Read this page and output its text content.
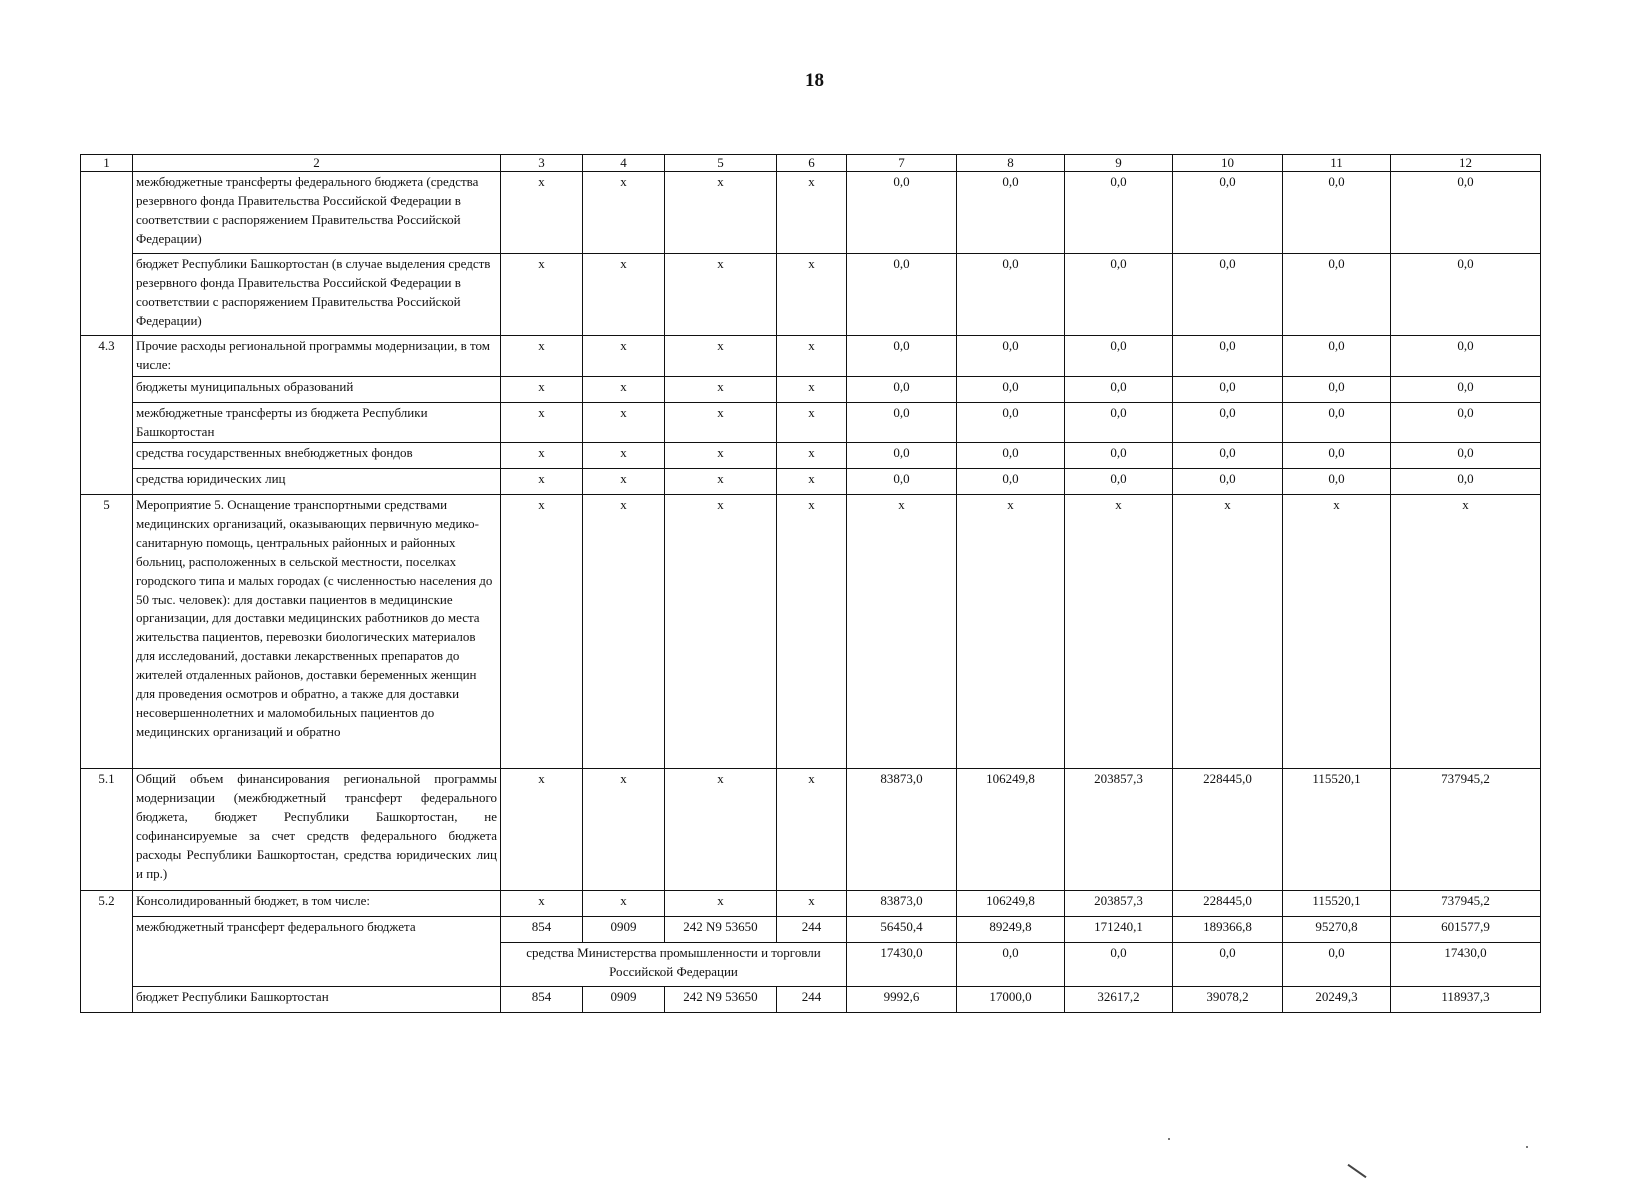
18
1	2	3	4	5	6	7	8	9	10	11	12
	межбюджетные трансферты федерального бюджета (средства резервного фонда Правительства Российской Федерации в соответствии с распоряжением Правительства Российской Федерации)	x	x	x	x	0,0	0,0	0,0	0,0	0,0	0,0
	бюджет Республики Башкортостан (в случае выделения средств резервного фонда Правительства Российской Федерации в соответствии с распоряжением Правительства Российской Федерации)	x	x	x	x	0,0	0,0	0,0	0,0	0,0	0,0
4.3	Прочие расходы региональной программы модернизации, в том числе:	x	x	x	x	0,0	0,0	0,0	0,0	0,0	0,0
	бюджеты муниципальных образований	x	x	x	x	0,0	0,0	0,0	0,0	0,0	0,0
	межбюджетные трансферты из бюджета Республики Башкортостан	x	x	x	x	0,0	0,0	0,0	0,0	0,0	0,0
	средства государственных внебюджетных фондов	x	x	x	x	0,0	0,0	0,0	0,0	0,0	0,0
	средства юридических лиц	x	x	x	x	0,0	0,0	0,0	0,0	0,0	0,0
5	Мероприятие 5. Оснащение транспортными средствами медицинских организаций, оказывающих первичную медико-санитарную помощь, центральных районных и районных больниц, расположенных в сельской местности, поселках городского типа и малых городах (с численностью населения до 50 тыс. человек): для доставки пациентов в медицинские организации, для доставки медицинских работников до места жительства пациентов, перевозки биологических материалов для исследований, доставки лекарственных препаратов до жителей отдаленных районов, доставки беременных женщин для проведения осмотров и обратно, а также для доставки несовершеннолетних и маломобильных пациентов до медицинских организаций и обратно	x	x	x	x	x	x	x	x	x	x
5.1	Общий объем финансирования региональной программы модернизации (межбюджетный трансферт федерального бюджета, бюджет Республики Башкортостан, не софинансируемые за счет средств федерального бюджета расходы Республики Башкортостан, средства юридических лиц и пр.)	x	x	x	x	83873,0	106249,8	203857,3	228445,0	115520,1	737945,2
5.2	Консолидированный бюджет, в том числе:	x	x	x	x	83873,0	106249,8	203857,3	228445,0	115520,1	737945,2
	межбюджетный трансферт федерального бюджета	854	0909	242 N9 53650	244	56450,4	89249,8	171240,1	189366,8	95270,8	601577,9
		средства Министерства промышленности и торговли Российской Федерации				17430,0	0,0	0,0	0,0	0,0	17430,0
	бюджет Республики Башкортостан	854	0909	242 N9 53650	244	9992,6	17000,0	32617,2	39078,2	20249,3	118937,3
